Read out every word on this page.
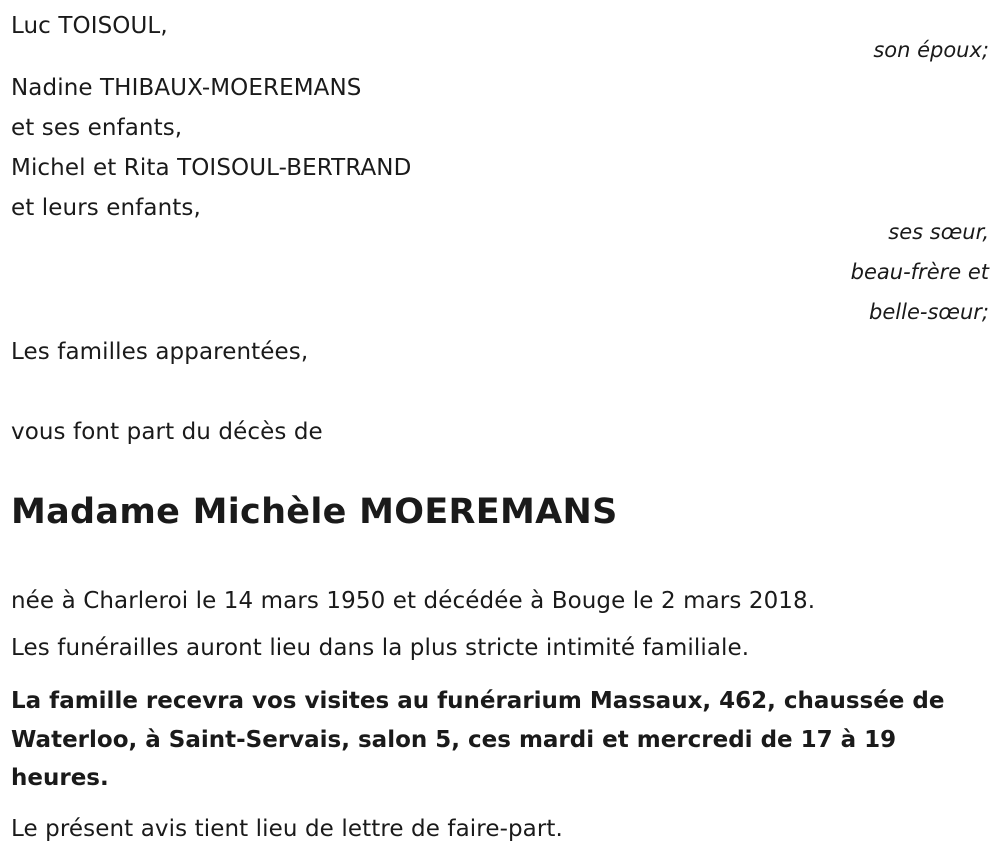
Luc TOISOUL,
son époux;
Nadine THIBAUX-MOEREMANS
et ses enfants,
Michel et Rita TOISOUL-BERTRAND
et leurs enfants,
ses sœur,
beau-frère et
belle-sœur;
Les familles apparentées,
vous font part du décès de
Madame Michèle MOEREMANS
née à Charleroi le 14 mars 1950 et décédée à Bouge le 2 mars 2018.
Les funérailles auront lieu dans la plus stricte intimité familiale.
La famille recevra vos visites au funérarium Massaux, 462, chaussée de Waterloo, à Saint-Servais, salon 5, ces mardi et mercredi de 17 à 19 heures.
Le présent avis tient lieu de lettre de faire-part.
